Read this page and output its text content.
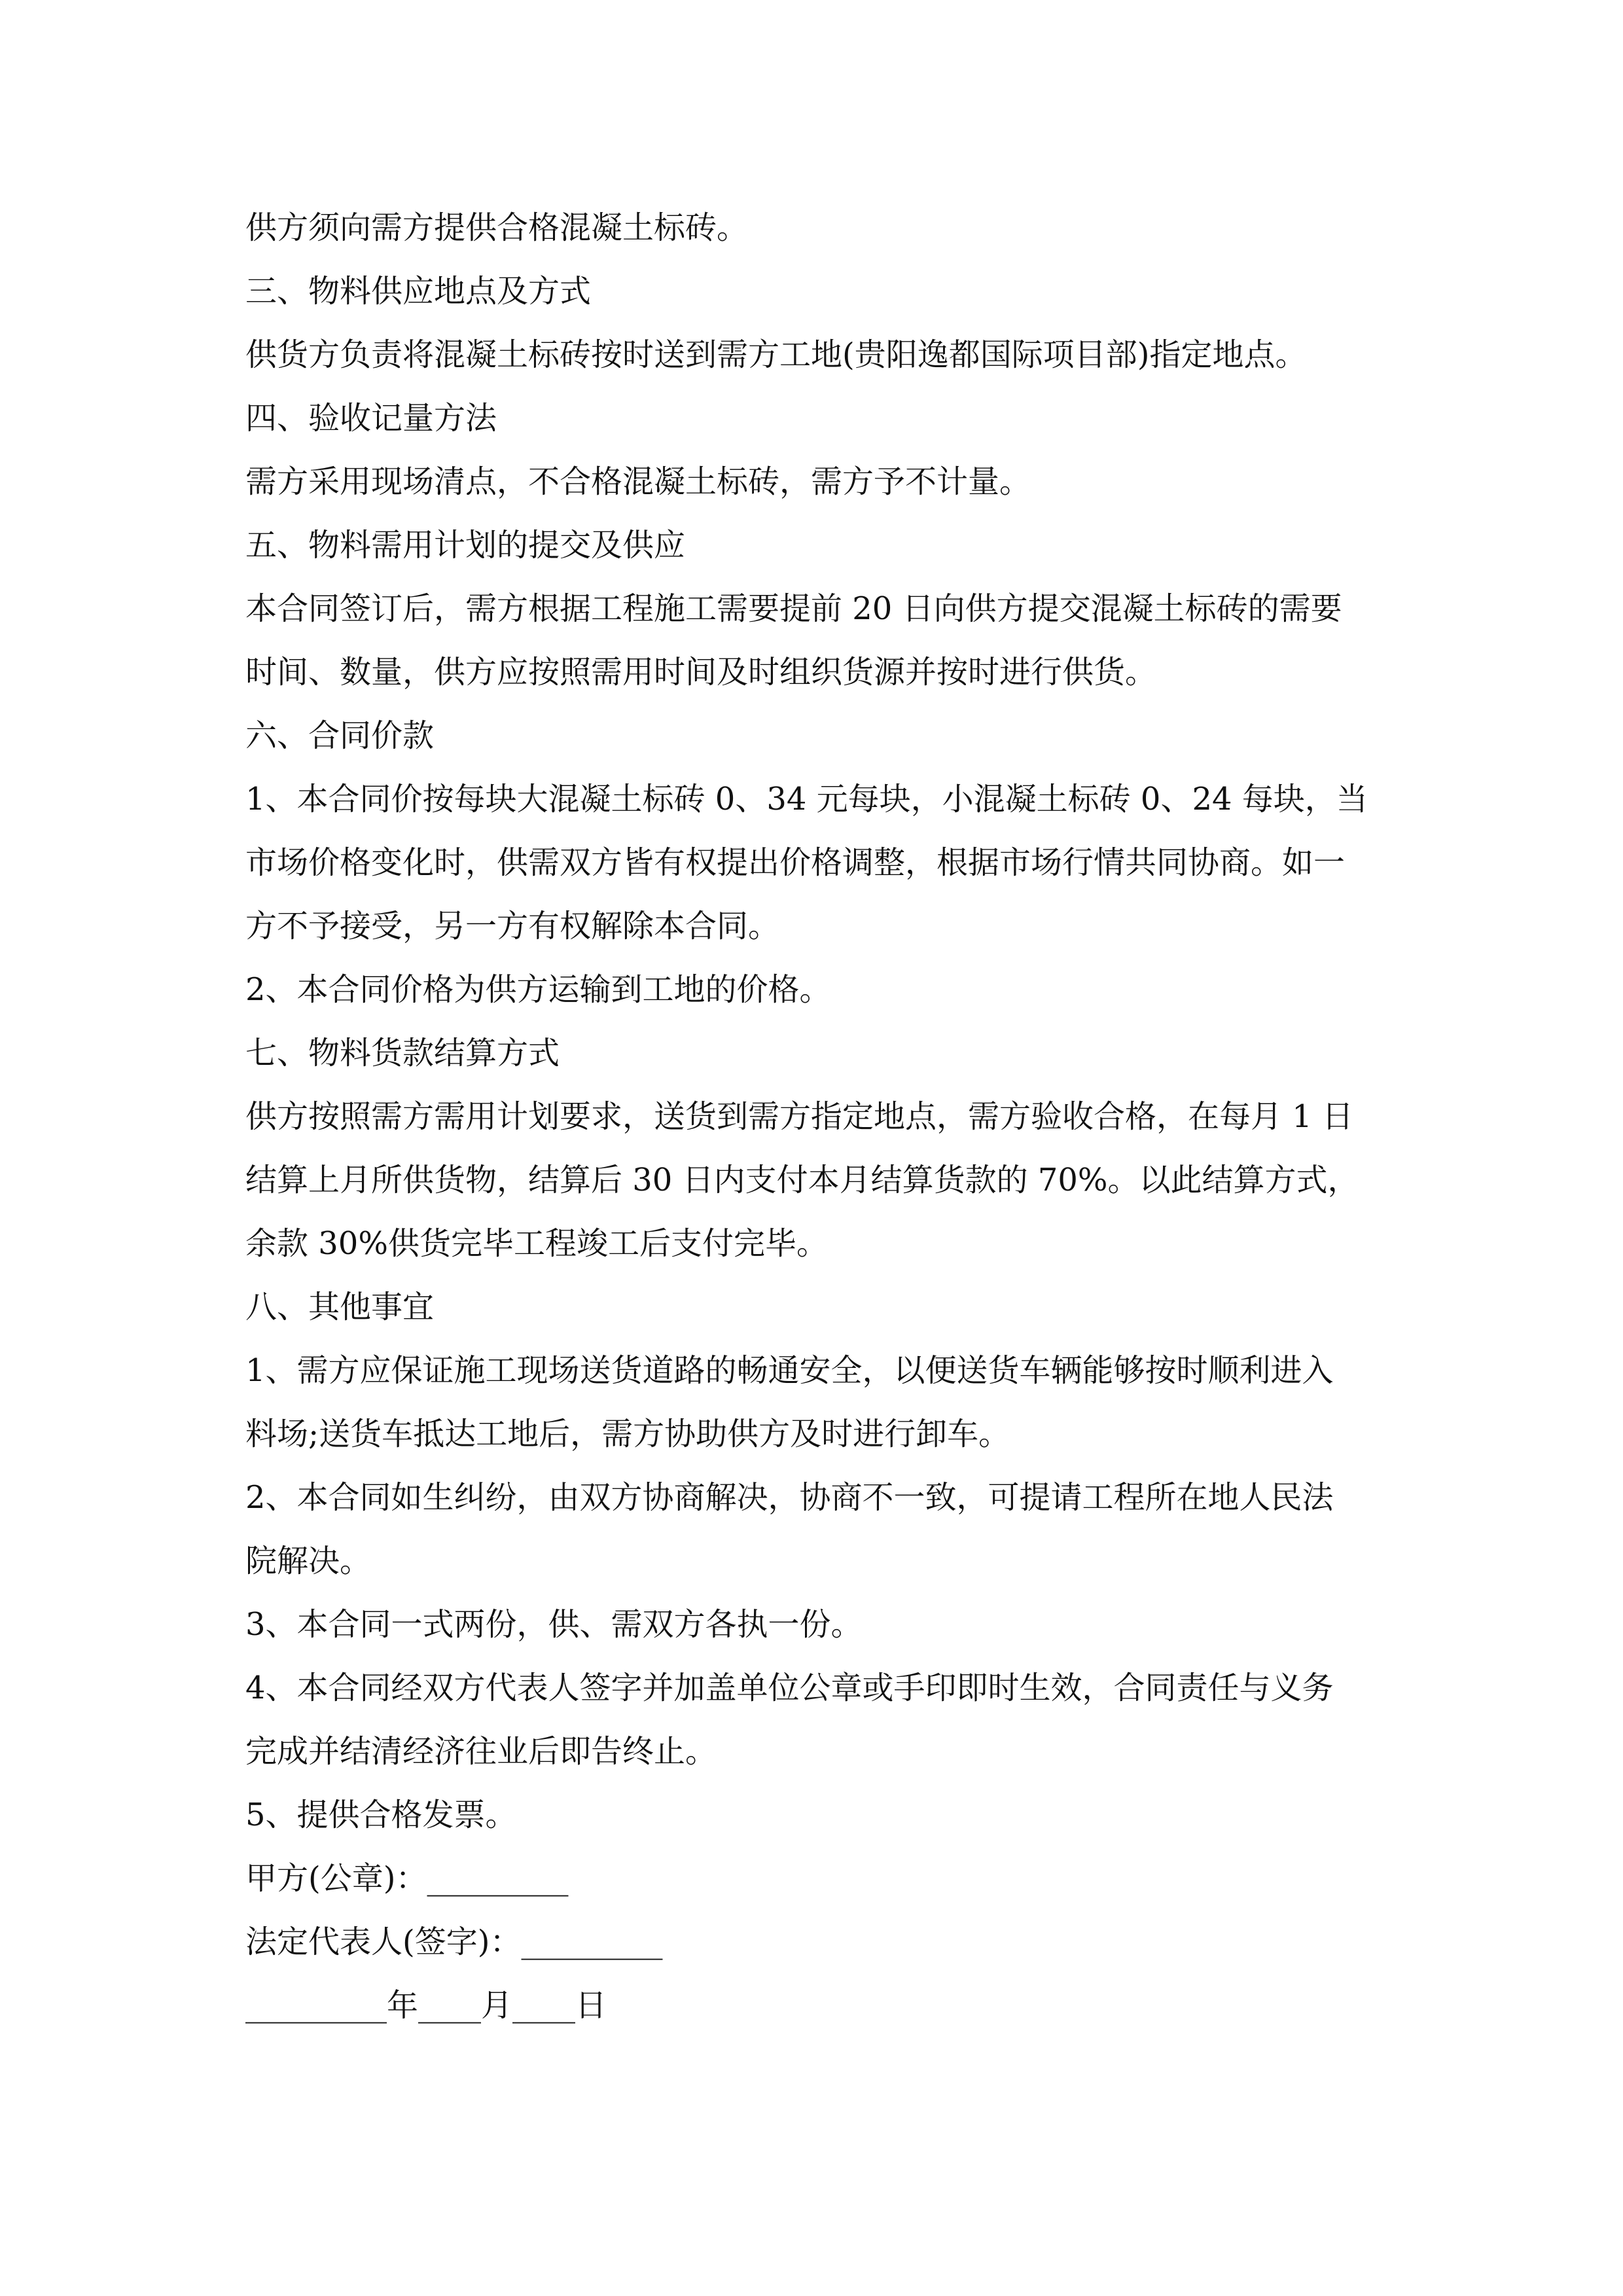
供方须向需方提供合格混凝土标砖。

三、物料供应地点及方式

供货方负责将混凝土标砖按时送到需方工地(贵阳逸都国际项目部)指定地点。

四、验收记量方法

需方采用现场清点，不合格混凝土标砖，需方予不计量。

五、物料需用计划的提交及供应

本合同签订后，需方根据工程施工需要提前 20 日向供方提交混凝土标砖的需要

时间、数量，供方应按照需用时间及时组织货源并按时进行供货。

六、合同价款

1、本合同价按每块大混凝土标砖 0、34 元每块，小混凝土标砖 0、24 每块，当

市场价格变化时，供需双方皆有权提出价格调整，根据市场行情共同协商。如一

方不予接受，另一方有权解除本合同。

2、本合同价格为供方运输到工地的价格。

七、物料货款结算方式

供方按照需方需用计划要求，送货到需方指定地点，需方验收合格，在每月 1 日

结算上月所供货物，结算后 30 日内支付本月结算货款的 70%。以此结算方式，

余款 30%供货完毕工程竣工后支付完毕。

八、其他事宜

1、需方应保证施工现场送货道路的畅通安全，以便送货车辆能够按时顺利进入

料场;送货车抵达工地后，需方协助供方及时进行卸车。

2、本合同如生纠纷，由双方协商解决，协商不一致，可提请工程所在地人民法

院解决。

3、本合同一式两份，供、需双方各执一份。

4、本合同经双方代表人签字并加盖单位公章或手印即时生效，合同责任与义务

完成并结清经济往业后即告终止。

5、提供合格发票。

甲方(公章)：_________

法定代表人(签字)：_________

_________年____月____日
